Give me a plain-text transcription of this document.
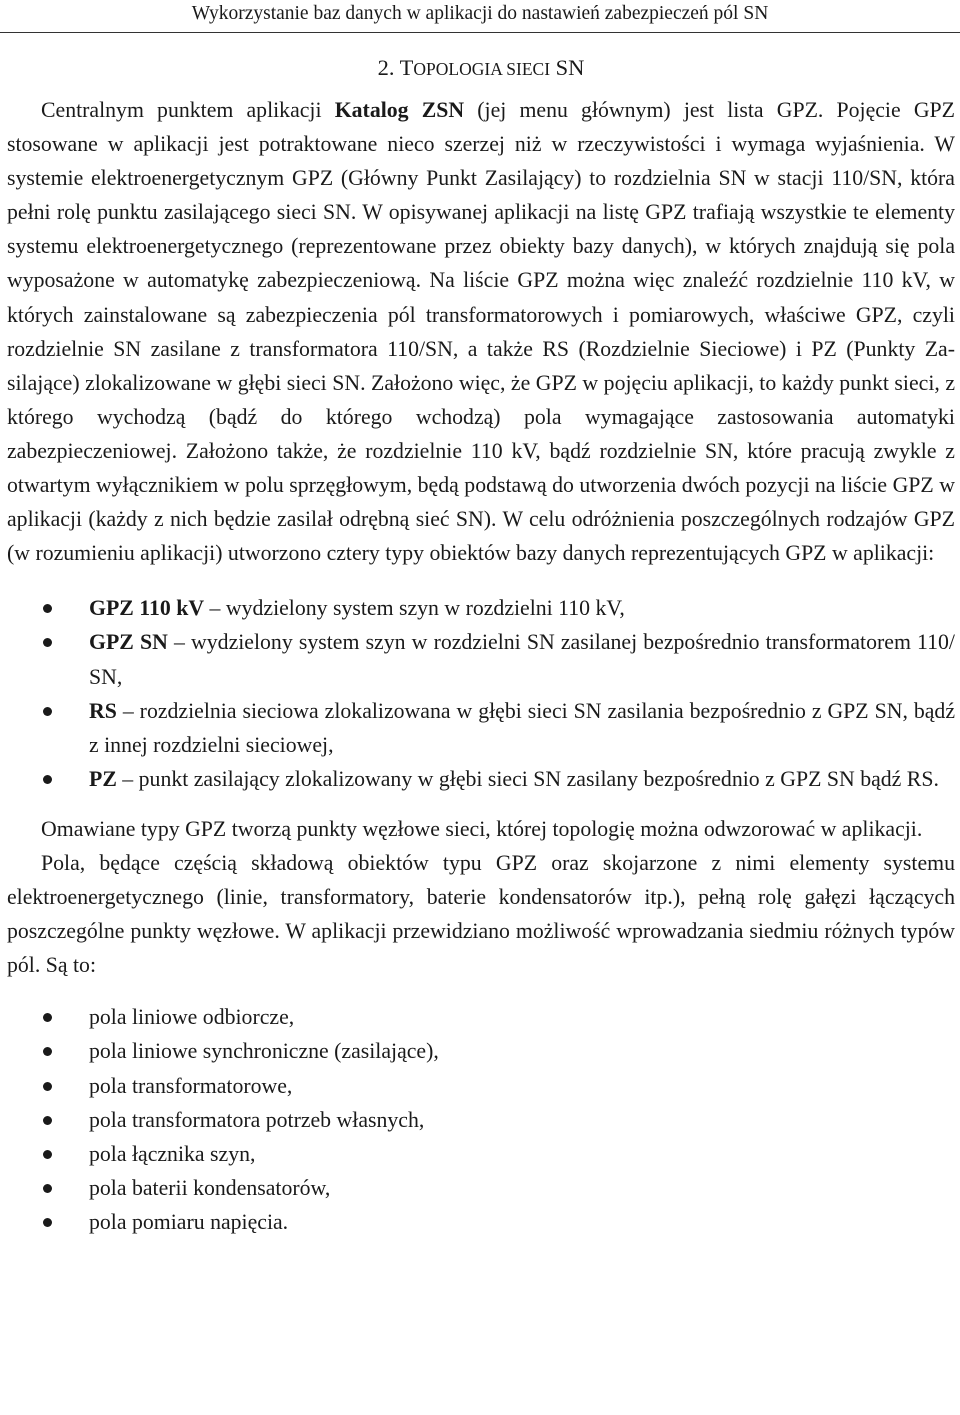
Wykorzystanie baz danych w aplikacji do nastawień zabezpieczeń pól SN
2. TOPOLOGIA SIECI SN

Centralnym punktem aplikacji Katalog ZSN (jej menu głównym) jest lista GPZ. Pojęcie GPZ stosowane w aplikacji jest potraktowane nieco szerzej niż w rzeczywistości i wymaga wyjaśnienia. W systemie elektroenergetycznym GPZ (Główny Punkt Zasilający) to rozdzielnia SN w stacji 110/SN, która pełni rolę punktu zasilającego sieci SN. W opisywanej aplikacji na listę GPZ trafiają wszystkie te elementy systemu elektroenergetycznego (reprezentowane przez obiekty bazy danych), w których znajdują się pola wyposażone w automatykę zabezpieczeniową. Na liście GPZ można więc znaleźć rozdzielnie 110 kV, w których zainstalowane są zabezpieczenia pól transformatorowych i pomiarowych, właściwe GPZ, czyli rozdzielnie SN zasilane z transformatora 110/SN, a także RS (Rozdzielnie Sieciowe) i PZ (Punkty Zasilające) zlokalizowane w głębi sieci SN. Założono więc, że GPZ w pojęciu aplikacji, to każdy punkt sieci, z którego wychodzą (bądź do którego wchodzą) pola wymagające zastosowania automatyki zabezpieczeniowej. Założono także, że rozdzielnie 110 kV, bądź rozdzielnie SN, które pracują zwykle z otwartym wyłącznikiem w polu sprzęgłowym, będą podstawą do utworzenia dwóch pozycji na liście GPZ w aplikacji (każdy z nich będzie zasilał odrębną sieć SN). W celu odróżnienia poszczególnych rodzajów GPZ (w rozumieniu aplikacji) utworzono cztery typy obiektów bazy danych reprezentujących GPZ w aplikacji:

GPZ 110 kV – wydzielony system szyn w rozdzielni 110 kV,
GPZ SN – wydzielony system szyn w rozdzielni SN zasilanej bezpośrednio transformatorem 110/ SN,
RS – rozdzielnia sieciowa zlokalizowana w głębi sieci SN zasilania bezpośrednio z GPZ SN, bądź z innej rozdzielni sieciowej,
PZ – punkt zasilający zlokalizowany w głębi sieci SN zasilany bezpośrednio z GPZ SN bądź RS.

Omawiane typy GPZ tworzą punkty węzłowe sieci, której topologię można odwzorować w aplikacji.

Pola, będące częścią składową obiektów typu GPZ oraz skojarzone z nimi elementy systemu elektroenergetycznego (linie, transformatory, baterie kondensatorów itp.), pełną rolę gałęzi łączących poszczególne punkty węzłowe. W aplikacji przewidziano możliwość wprowadzania siedmiu różnych typów pól. Są to:

pola liniowe odbiorcze,
pola liniowe synchroniczne (zasilające),
pola transformatorowe,
pola transformatora potrzeb własnych,
pola łącznika szyn,
pola baterii kondensatorów,
pola pomiaru napięcia.
